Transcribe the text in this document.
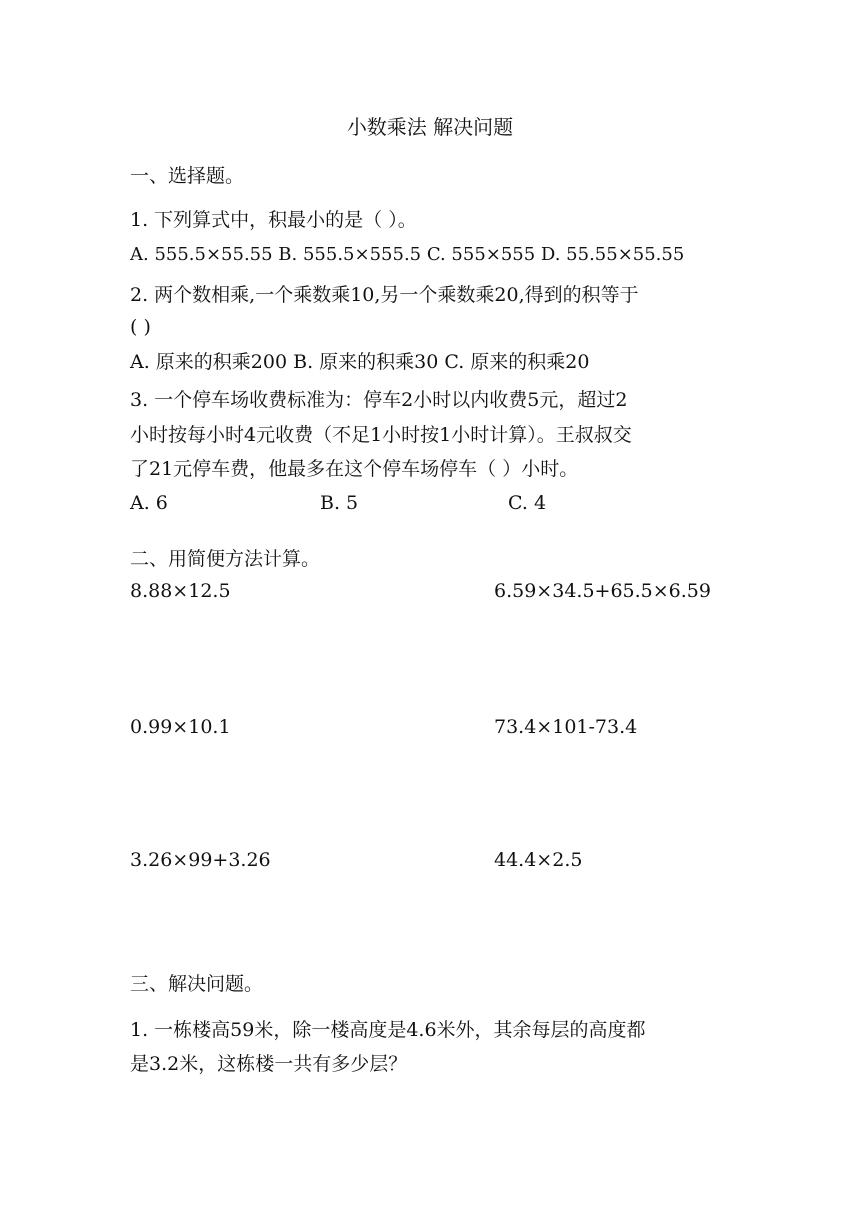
小数乘法 解决问题
一、选择题。
1. 下列算式中，积最小的是（ ）。
A. 555.5×55.55 B. 555.5×555.5 C. 555×555 D. 55.55×55.55
2. 两个数相乘,一个乘数乘10,另一个乘数乘20,得到的积等于
( )
A. 原来的积乘200 B. 原来的积乘30 C. 原来的积乘20
3. 一个停车场收费标准为：停车2小时以内收费5元，超过2
小时按每小时4元收费（不足1小时按1小时计算）。王叔叔交
了21元停车费，他最多在这个停车场停车（ ）小时。
A. 6	B. 5	C. 4
二、用简便方法计算。
8.88×12.5	6.59×34.5+65.5×6.59
0.99×10.1	73.4×101-73.4
3.26×99+3.26	44.4×2.5
三、解决问题。
1. 一栋楼高59米，除一楼高度是4.6米外，其余每层的高度都
是3.2米，这栋楼一共有多少层？
